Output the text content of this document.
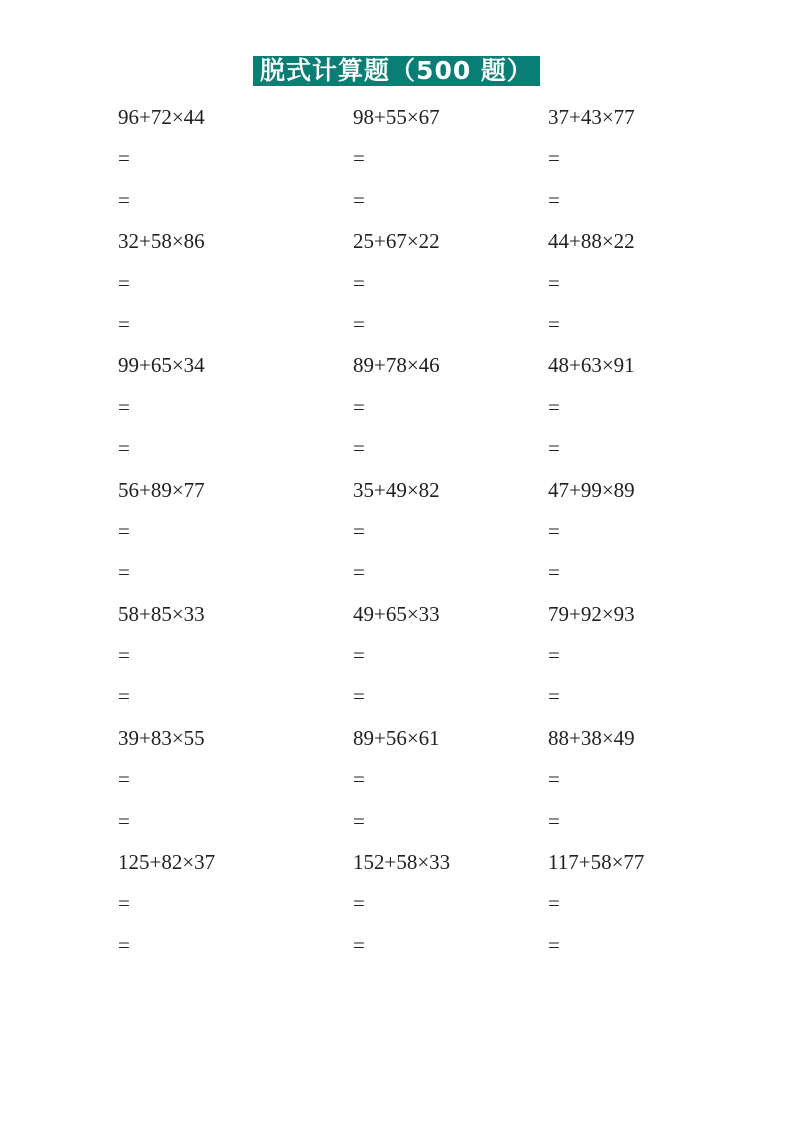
脱式计算题（500 题）
96+72×44
=
=
98+55×67
=
=
37+43×77
=
=
32+58×86
=
=
25+67×22
=
=
44+88×22
=
=
99+65×34
=
=
89+78×46
=
=
48+63×91
=
=
56+89×77
=
=
35+49×82
=
=
47+99×89
=
=
58+85×33
=
=
49+65×33
=
=
79+92×93
=
=
39+83×55
=
=
89+56×61
=
=
88+38×49
=
=
125+82×37
=
=
152+58×33
=
=
117+58×77
=
=
